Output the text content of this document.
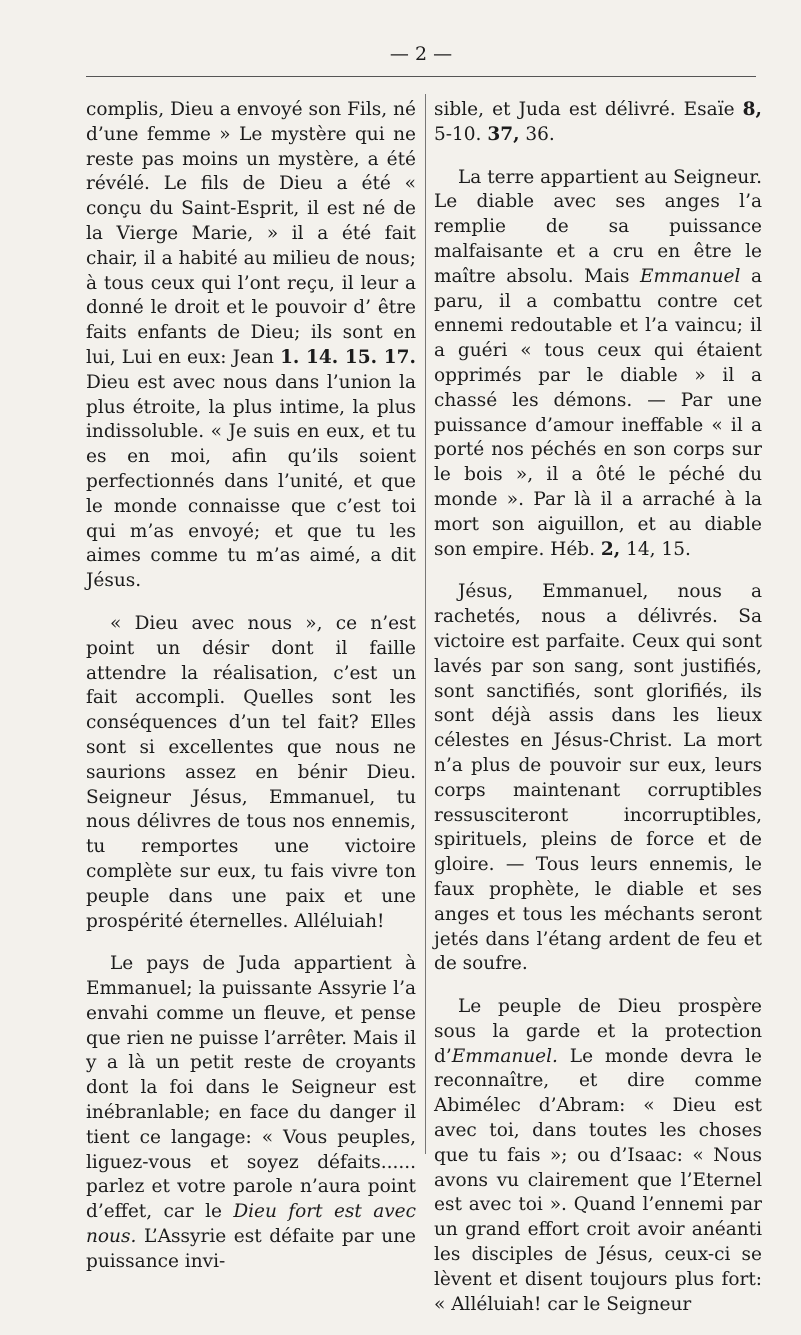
— 2 —

complis, Dieu a envoyé son Fils, né d’une femme » Le mystère qui ne reste pas moins un mystère, a été révélé. Le fils de Dieu a été « conçu du Saint-Esprit, il est né de la Vierge Marie, » il a été fait chair, il a habité au milieu de nous; à tous ceux qui l’ont reçu, il leur a donné le droit et le pouvoir d’ être faits enfants de Dieu; ils sont en lui, Lui en eux: Jean 1. 14. 15. 17. Dieu est avec nous dans l’union la plus étroite, la plus intime, la plus indissoluble. « Je suis en eux, et tu es en moi, afin qu’ils soient perfectionnés dans l’unité, et que le monde connaisse que c’est toi qui m’as envoyé; et que tu les aimes comme tu m’as aimé, a dit Jésus.

« Dieu avec nous », ce n’est point un désir dont il faille attendre la réalisation, c’est un fait accompli. Quelles sont les conséquences d’un tel fait? Elles sont si excellentes que nous ne saurions assez en bénir Dieu. Seigneur Jésus, Emmanuel, tu nous délivres de tous nos ennemis, tu remportes une victoire complète sur eux, tu fais vivre ton peuple dans une paix et une prospérité éternelles. Alléluiah!

Le pays de Juda appartient à Emmanuel; la puissante Assyrie l’a envahi comme un fleuve, et pense que rien ne puisse l’arrêter. Mais il y a là un petit reste de croyants dont la foi dans le Seigneur est inébranlable; en face du danger il tient ce langage: « Vous peuples, liguez-vous et soyez défaits...... parlez et votre parole n’aura point d’effet, car le Dieu fort est avec nous. L’Assyrie est défaite par une puissance invi-

sible, et Juda est délivré. Esaïe 8, 5-10. 37, 36.

La terre appartient au Seigneur. Le diable avec ses anges l’a remplie de sa puissance malfaisante et a cru en être le maître absolu. Mais Emmanuel a paru, il a combattu contre cet ennemi redoutable et l’a vaincu; il a guéri « tous ceux qui étaient opprimés par le diable » il a chassé les démons. — Par une puissance d’amour ineffable « il a porté nos péchés en son corps sur le bois », il a ôté le péché du monde ». Par là il a arraché à la mort son aiguillon, et au diable son empire. Héb. 2, 14, 15.

Jésus, Emmanuel, nous a rachetés, nous a délivrés. Sa victoire est parfaite. Ceux qui sont lavés par son sang, sont justifiés, sont sanctifiés, sont glorifiés, ils sont déjà assis dans les lieux célestes en Jésus-Christ. La mort n’a plus de pouvoir sur eux, leurs corps maintenant corruptibles ressusciteront incorruptibles, spirituels, pleins de force et de gloire. — Tous leurs ennemis, le faux prophète, le diable et ses anges et tous les méchants seront jetés dans l’étang ardent de feu et de soufre.

Le peuple de Dieu prospère sous la garde et la protection d’Emmanuel. Le monde devra le reconnaître, et dire comme Abimélec d’Abram: « Dieu est avec toi, dans toutes les choses que tu fais »; ou d’Isaac: « Nous avons vu clairement que l’Eternel est avec toi ». Quand l’ennemi par un grand effort croit avoir anéanti les disciples de Jésus, ceux-ci se lèvent et disent toujours plus fort: « Alléluiah! car le Seigneur
